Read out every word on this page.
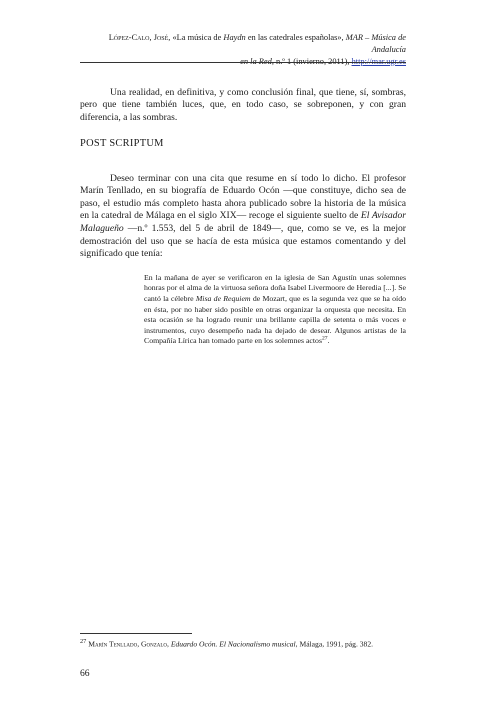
López-Calo, José, «La música de Haydn en las catedrales españolas», MAR – Música de Andalucía
en la Red, n.º 1 (invierno, 2011), http://mar.ugr.es

Una realidad, en definitiva, y como conclusión final, que tiene, sí, sombras, pero que tiene también luces, que, en todo caso, se sobreponen, y con gran diferencia, a las sombras.

POST SCRIPTUM

Deseo terminar con una cita que resume en sí todo lo dicho. El profesor Marín Tenllado, en su biografía de Eduardo Ocón —que constituye, dicho sea de paso, el estudio más completo hasta ahora publicado sobre la historia de la música en la catedral de Málaga en el siglo XIX— recoge el siguiente suelto de El Avisador Malagueño —n.º 1.553, del 5 de abril de 1849—, que, como se ve, es la mejor demostración del uso que se hacía de esta música que estamos comentando y del significado que tenía:

En la mañana de ayer se verificaron en la iglesia de San Agustín unas solemnes honras por el alma de la virtuosa señora doña Isabel Livermoore de Heredia [...]. Se cantó la célebre Misa de Requiem de Mozart, que es la segunda vez que se ha oído en ésta, por no haber sido posible en otras organizar la orquesta que necesita. En esta ocasión se ha logrado reunir una brillante capilla de setenta o más voces e instrumentos, cuyo desempeño nada ha dejado de desear. Algunos artistas de la Compañía Lírica han tomado parte en los solemnes actos$^{27}$.

$^{27}$ Marín Tenllado, Gonzalo, Eduardo Ocón. El Nacionalismo musical, Málaga, 1991, pág. 382.
66
